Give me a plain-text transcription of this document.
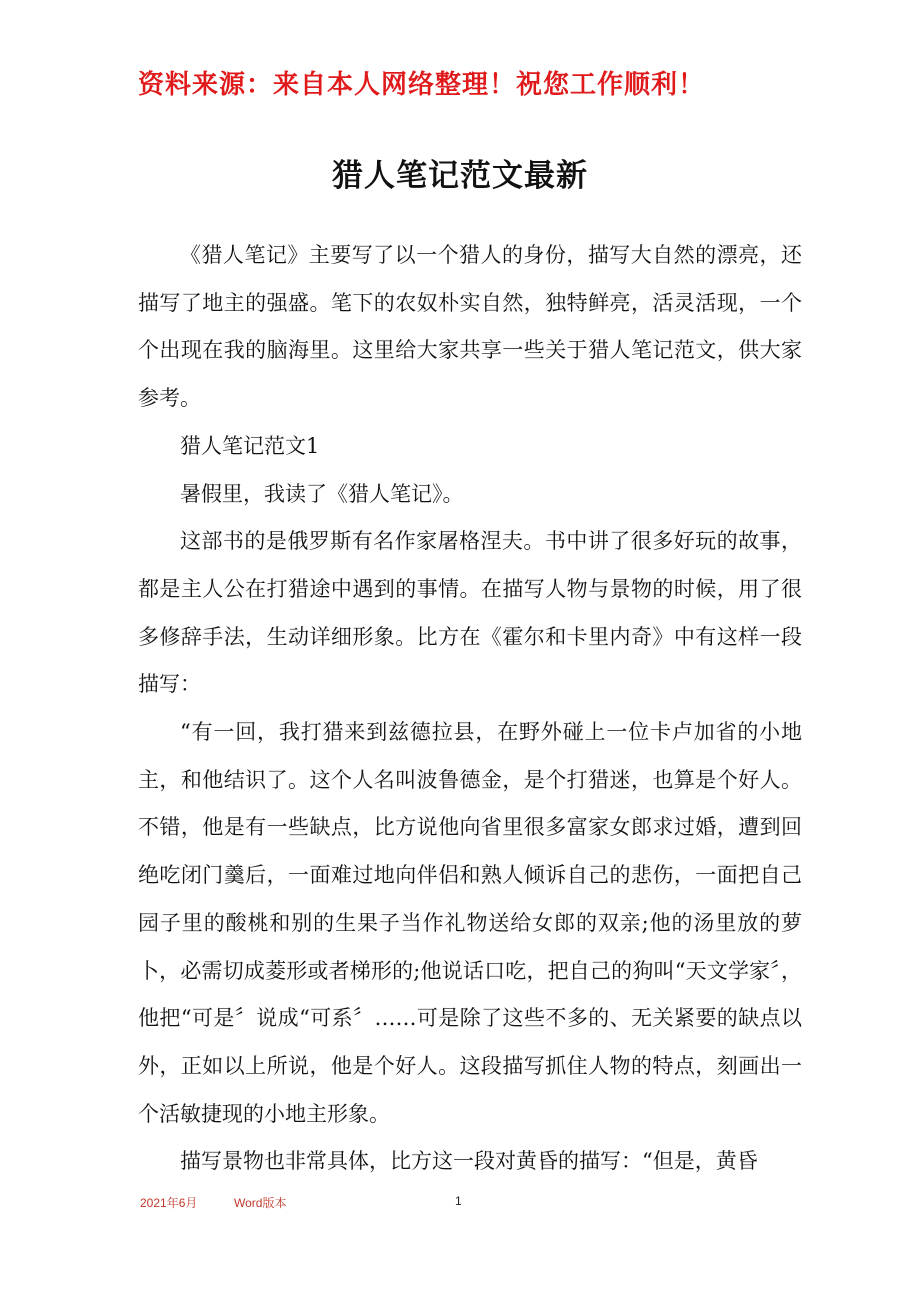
资料来源：来自本人网络整理！祝您工作顺利！
猎人笔记范文最新

《猎人笔记》主要写了以一个猎人的身份，描写大自然的漂亮，还描写了地主的强盛。笔下的农奴朴实自然，独特鲜亮，活灵活现，一个个出现在我的脑海里。这里给大家共享一些关于猎人笔记范文，供大家参考。

猎人笔记范文1

暑假里，我读了《猎人笔记》。

这部书的是俄罗斯有名作家屠格涅夫。书中讲了很多好玩的故事，都是主人公在打猎途中遇到的事情。在描写人物与景物的时候，用了很多修辞手法，生动详细形象。比方在《霍尔和卡里内奇》中有这样一段描写：

“有一回，我打猎来到兹德拉县，在野外碰上一位卡卢加省的小地主，和他结识了。这个人名叫波鲁德金，是个打猎迷，也算是个好人。不错，他是有一些缺点，比方说他向省里很多富家女郎求过婚，遭到回绝吃闭门羹后，一面难过地向伴侣和熟人倾诉自己的悲伤，一面把自己园子里的酸桃和别的生果子当作礼物送给女郎的双亲;他的汤里放的萝卜，必需切成菱形或者梯形的;他说话口吃，把自己的狗叫“天文学家〞，他把“可是〞说成“可系〞……可是除了这些不多的、无关紧要的缺点以外，正如以上所说，他是个好人。这段描写抓住人物的特点，刻画出一个活敏捷现的小地主形象。

描写景物也非常具体，比方这一段对黄昏的描写：“但是，黄昏

2021年6月	Word版本	1
